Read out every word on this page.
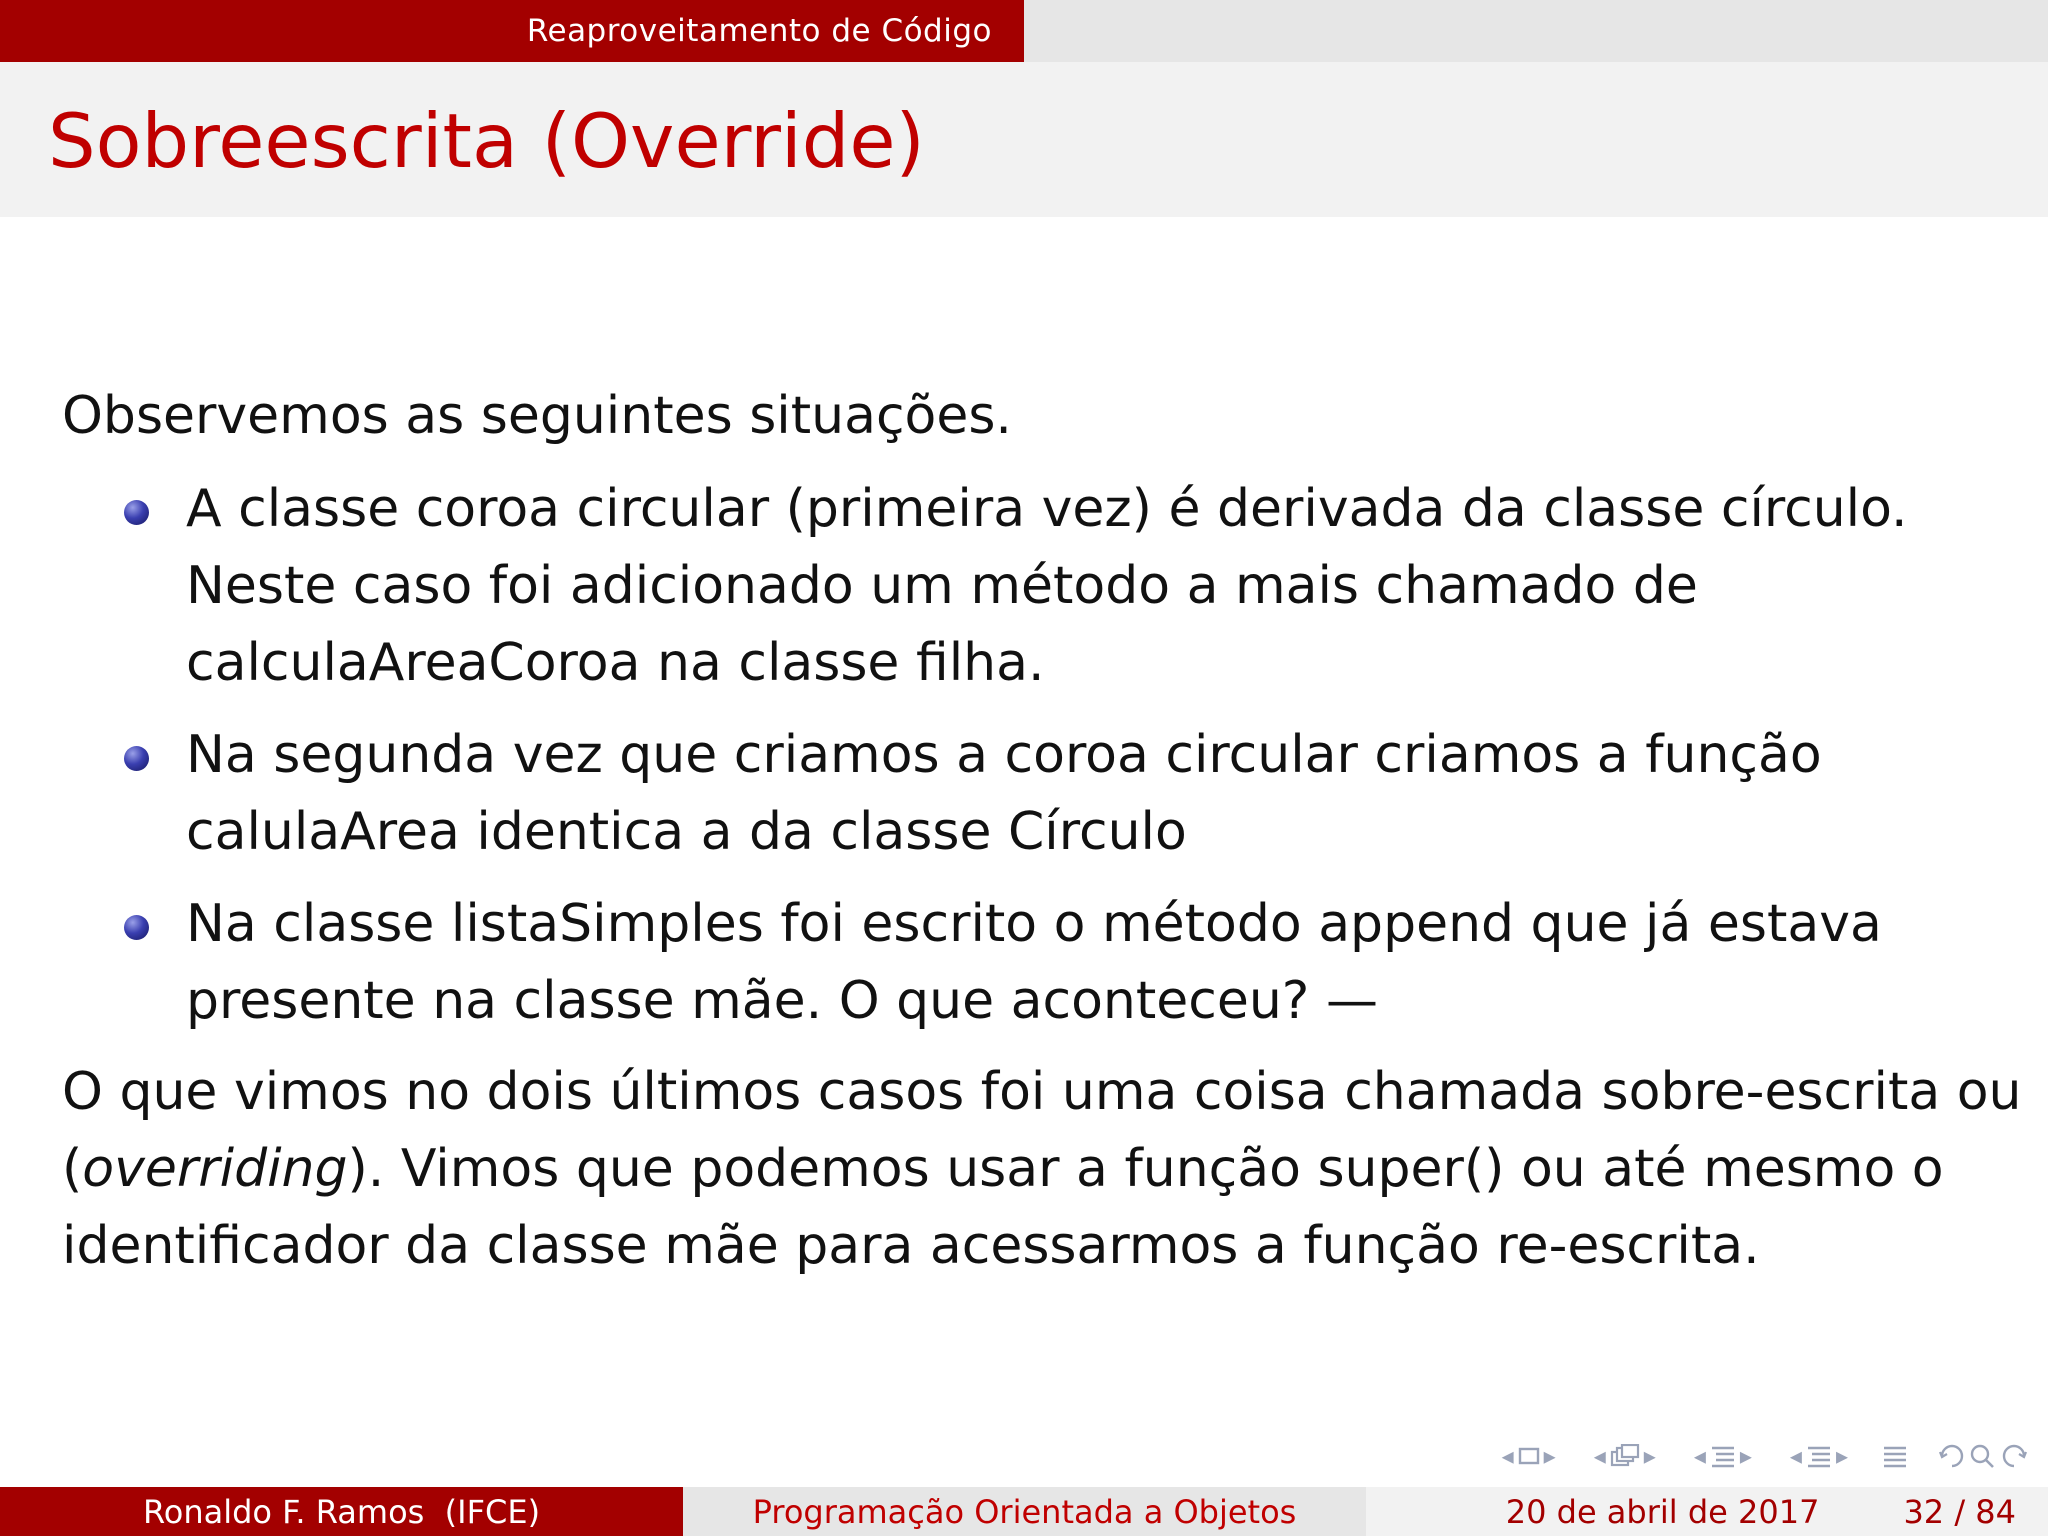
Reaproveitamento de Código
Sobreescrita (Override)

Observemos as seguintes situações.

A classe coroa circular (primeira vez) é derivada da classe círculo.
Neste caso foi adicionado um método a mais chamado de
calculaAreaCoroa na classe filha.
Na segunda vez que criamos a coroa circular criamos a função
calulaArea identica a da classe Círculo
Na classe listaSimples foi escrito o método append que já estava
presente na classe mãe. O que aconteceu? —

O que vimos no dois últimos casos foi uma coisa chamada sobre-escrita ou
(overriding). Vimos que podemos usar a função super() ou até mesmo o
identificador da classe mãe para acessarmos a função re-escrita.

◂ ▸ ◂ ▸ ◂ ▸ ◂ ▸
Ronaldo F. Ramos  (IFCE)	Programação Orientada a Objetos	20 de abril de 2017	32 / 84
